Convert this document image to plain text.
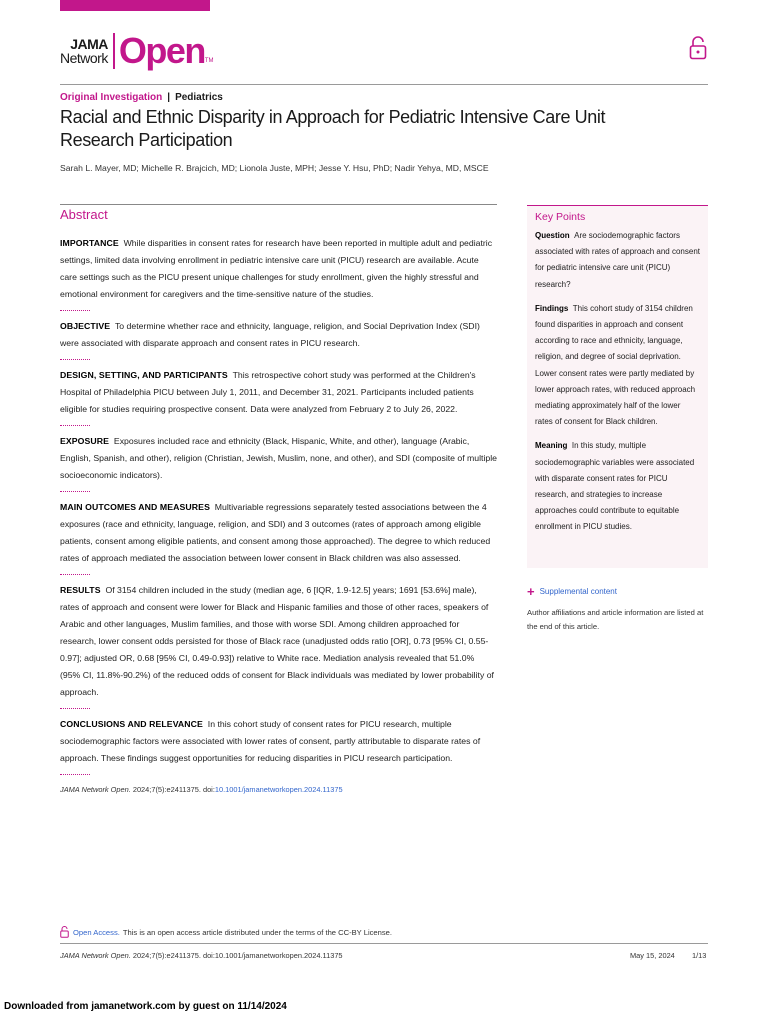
JAMA
Network Open TM
Original Investigation | Pediatrics
Racial and Ethnic Disparity in Approach for Pediatric Intensive Care Unit Research Participation
Sarah L. Mayer, MD; Michelle R. Brajcich, MD; Lionola Juste, MPH; Jesse Y. Hsu, PhD; Nadir Yehya, MD, MSCE
Abstract
IMPORTANCE While disparities in consent rates for research have been reported in multiple adult and pediatric settings, limited data involving enrollment in pediatric intensive care unit (PICU) research are available. Acute care settings such as the PICU present unique challenges for study enrollment, given the highly stressful and emotional environment for caregivers and the time-sensitive nature of the studies.
OBJECTIVE To determine whether race and ethnicity, language, religion, and Social Deprivation Index (SDI) were associated with disparate approach and consent rates in PICU research.
DESIGN, SETTING, AND PARTICIPANTS This retrospective cohort study was performed at the Children's Hospital of Philadelphia PICU between July 1, 2011, and December 31, 2021. Participants included patients eligible for studies requiring prospective consent. Data were analyzed from February 2 to July 26, 2022.
EXPOSURE Exposures included race and ethnicity (Black, Hispanic, White, and other), language (Arabic, English, Spanish, and other), religion (Christian, Jewish, Muslim, none, and other), and SDI (composite of multiple socioeconomic indicators).
MAIN OUTCOMES AND MEASURES Multivariable regressions separately tested associations between the 4 exposures (race and ethnicity, language, religion, and SDI) and 3 outcomes (rates of approach among eligible patients, consent among eligible patients, and consent among those approached). The degree to which reduced rates of approach mediated the association between lower consent in Black children was also assessed.
RESULTS Of 3154 children included in the study (median age, 6 [IQR, 1.9-12.5] years; 1691 [53.6%] male), rates of approach and consent were lower for Black and Hispanic families and those of other races, speakers of Arabic and other languages, Muslim families, and those with worse SDI. Among children approached for research, lower consent odds persisted for those of Black race (unadjusted odds ratio [OR], 0.73 [95% CI, 0.55-0.97]; adjusted OR, 0.68 [95% CI, 0.49-0.93]) relative to White race. Mediation analysis revealed that 51.0% (95% CI, 11.8%-90.2%) of the reduced odds of consent for Black individuals was mediated by lower probability of approach.
CONCLUSIONS AND RELEVANCE In this cohort study of consent rates for PICU research, multiple sociodemographic factors were associated with lower rates of consent, partly attributable to disparate rates of approach. These findings suggest opportunities for reducing disparities in PICU research participation.
JAMA Network Open. 2024;7(5):e2411375. doi:10.1001/jamanetworkopen.2024.11375
Key Points

Question Are sociodemographic factors associated with rates of approach and consent for pediatric intensive care unit (PICU) research?

Findings This cohort study of 3154 children found disparities in approach and consent according to race and ethnicity, language, religion, and degree of social deprivation. Lower consent rates were partly mediated by lower approach rates, with reduced approach mediating approximately half of the lower rates of consent for Black children.

Meaning In this study, multiple sociodemographic variables were associated with disparate consent rates for PICU research, and strategies to increase approaches could contribute to equitable enrollment in PICU studies.

+ Supplemental content
Author affiliations and article information are listed at the end of this article.
Open Access. This is an open access article distributed under the terms of the CC-BY License.
JAMA Network Open. 2024;7(5):e2411375. doi:10.1001/jamanetworkopen.2024.11375	May 15, 2024 1/13
Downloaded from jamanetwork.com by guest on 11/14/2024
